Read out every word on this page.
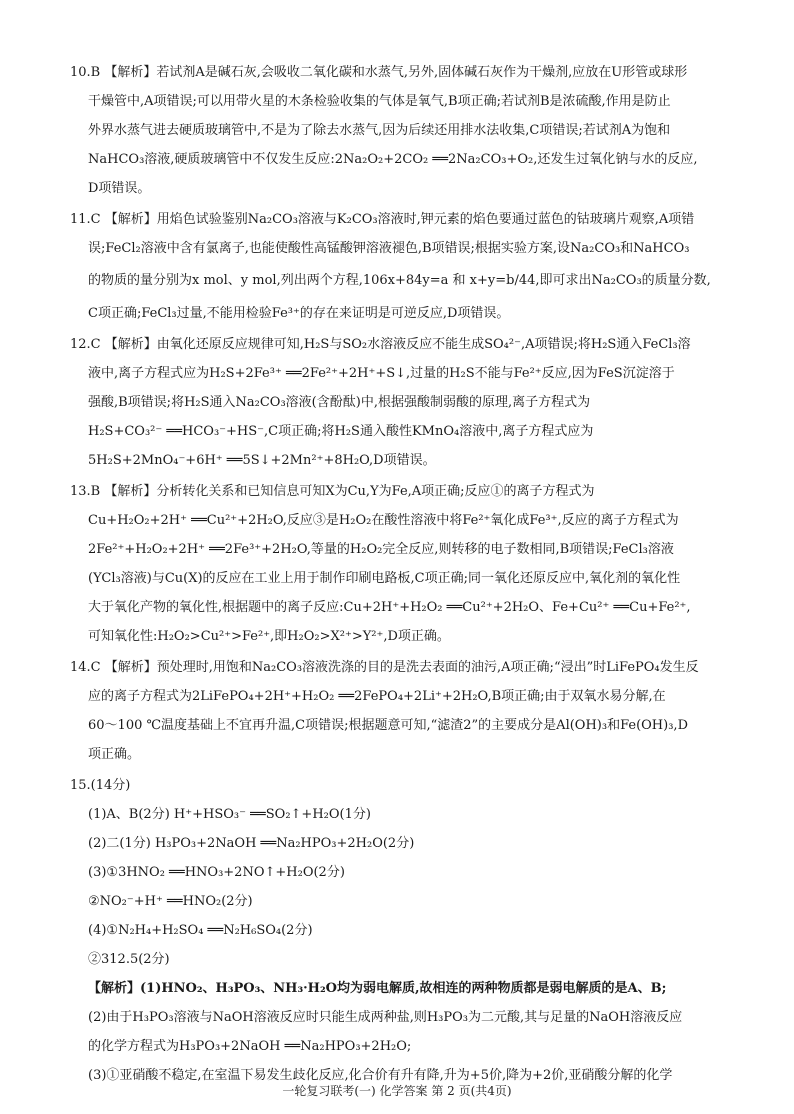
10.B 【解析】若试剂A是碱石灰,会吸收二氧化碳和水蒸气,另外,固体碱石灰作为干燥剂,应放在U形管或球形
干燥管中,A项错误;可以用带火星的木条检验收集的气体是氧气,B项正确;若试剂B是浓硫酸,作用是防止
外界水蒸气进去硬质玻璃管中,不是为了除去水蒸气,因为后续还用排水法收集,C项错误;若试剂A为饱和
NaHCO₃溶液,硬质玻璃管中不仅发生反应:2Na₂O₂+2CO₂ ══2Na₂CO₃+O₂,还发生过氧化钠与水的反应,
D项错误。
11.C 【解析】用焰色试验鉴别Na₂CO₃溶液与K₂CO₃溶液时,钾元素的焰色要通过蓝色的钴玻璃片观察,A项错
误;FeCl₂溶液中含有氯离子,也能使酸性高锰酸钾溶液褪色,B项错误;根据实验方案,设Na₂CO₃和NaHCO₃
的物质的量分别为x mol、y mol,列出两个方程,106x+84y=a 和 x+y=b/44,即可求出Na₂CO₃的质量分数,
C项正确;FeCl₃过量,不能用检验Fe³⁺的存在来证明是可逆反应,D项错误。
12.C 【解析】由氧化还原反应规律可知,H₂S与SO₂水溶液反应不能生成SO₄²⁻,A项错误;将H₂S通入FeCl₃溶
液中,离子方程式应为H₂S+2Fe³⁺ ══2Fe²⁺+2H⁺+S↓,过量的H₂S不能与Fe²⁺反应,因为FeS沉淀溶于
强酸,B项错误;将H₂S通入Na₂CO₃溶液(含酚酞)中,根据强酸制弱酸的原理,离子方程式为
H₂S+CO₃²⁻ ══HCO₃⁻+HS⁻,C项正确;将H₂S通入酸性KMnO₄溶液中,离子方程式应为
5H₂S+2MnO₄⁻+6H⁺ ══5S↓+2Mn²⁺+8H₂O,D项错误。
13.B 【解析】分析转化关系和已知信息可知X为Cu,Y为Fe,A项正确;反应①的离子方程式为
Cu+H₂O₂+2H⁺ ══Cu²⁺+2H₂O,反应③是H₂O₂在酸性溶液中将Fe²⁺氧化成Fe³⁺,反应的离子方程式为
2Fe²⁺+H₂O₂+2H⁺ ══2Fe³⁺+2H₂O,等量的H₂O₂完全反应,则转移的电子数相同,B项错误;FeCl₃溶液
(YCl₃溶液)与Cu(X)的反应在工业上用于制作印刷电路板,C项正确;同一氧化还原反应中,氧化剂的氧化性
大于氧化产物的氧化性,根据题中的离子反应:Cu+2H⁺+H₂O₂ ══Cu²⁺+2H₂O、Fe+Cu²⁺ ══Cu+Fe²⁺,
可知氧化性:H₂O₂>Cu²⁺>Fe²⁺,即H₂O₂>X²⁺>Y²⁺,D项正确。
14.C 【解析】预处理时,用饱和Na₂CO₃溶液洗涤的目的是洗去表面的油污,A项正确;“浸出”时LiFePO₄发生反
应的离子方程式为2LiFePO₄+2H⁺+H₂O₂ ══2FePO₄+2Li⁺+2H₂O,B项正确;由于双氧水易分解,在
60～100 ℃温度基础上不宜再升温,C项错误;根据题意可知,“滤渣2”的主要成分是Al(OH)₃和Fe(OH)₃,D
项正确。
15.(14分)
(1)A、B(2分) H⁺+HSO₃⁻ ══SO₂↑+H₂O(1分)
(2)二(1分) H₃PO₃+2NaOH ══Na₂HPO₃+2H₂O(2分)
(3)①3HNO₂ ══HNO₃+2NO↑+H₂O(2分)
②NO₂⁻+H⁺ ══HNO₂(2分)
(4)①N₂H₄+H₂SO₄ ══N₂H₆SO₄(2分)
②312.5(2分)
【解析】(1)HNO₂、H₃PO₃、NH₃·H₂O均为弱电解质,故相连的两种物质都是弱电解质的是A、B;
(2)由于H₃PO₃溶液与NaOH溶液反应时只能生成两种盐,则H₃PO₃为二元酸,其与足量的NaOH溶液反应
的化学方程式为H₃PO₃+2NaOH ══Na₂HPO₃+2H₂O;
(3)①亚硝酸不稳定,在室温下易发生歧化反应,化合价有升有降,升为+5价,降为+2价,亚硝酸分解的化学
一轮复习联考(一) 化学答案 第 2 页(共4页)
